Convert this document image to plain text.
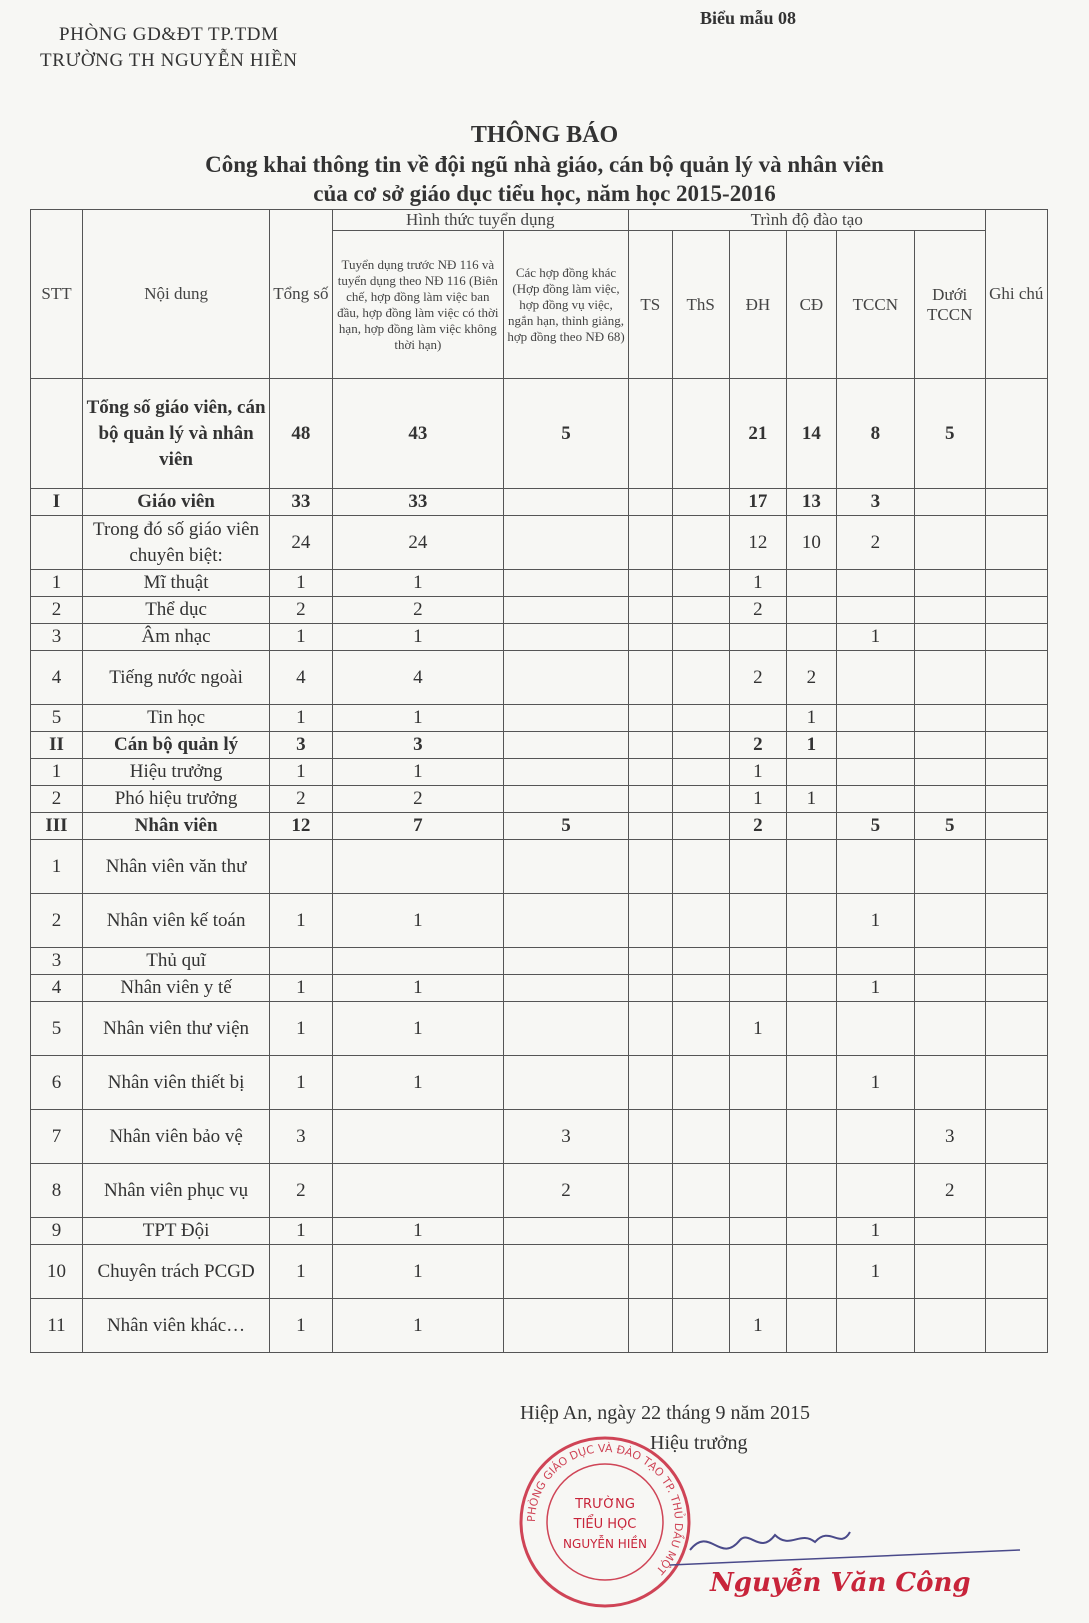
PHÒNG GD&ĐT TP.TDM
TRƯỜNG TH NGUYỄN HIỀN
Biểu mẫu 08
THÔNG BÁO
Công khai thông tin về đội ngũ nhà giáo, cán bộ quản lý và nhân viên
của cơ sở giáo dục tiểu học, năm học 2015-2016
STT	Nội dung	Tổng số	Hình thức tuyển dụng		Trình độ đào tạo						Ghi chú
			Tuyển dụng trước NĐ 116 và tuyển dụng theo NĐ 116 (Biên chế, hợp đồng làm việc ban đầu, hợp đồng làm việc có thời hạn, hợp đồng làm việc không thời hạn)	Các hợp đồng khác (Hợp đồng làm việc, hợp đồng vụ việc, ngắn hạn, thỉnh giảng, hợp đồng theo NĐ 68)	TS	ThS	ĐH	CĐ	TCCN	Dưới TCCN	
	Tổng số giáo viên, cán bộ quản lý và nhân viên	48	43	5			21	14	8	5	
I	Giáo viên	33	33				17	13	3		
	Trong đó số giáo viên chuyên biệt:	24	24				12	10	2		
1	Mĩ thuật	1	1				1				
2	Thể dục	2	2				2				
3	Âm nhạc	1	1						1		
4	Tiếng nước ngoài	4	4				2	2			
5	Tin học	1	1					1			
II	Cán bộ quản lý	3	3				2	1			
1	Hiệu trưởng	1	1				1				
2	Phó hiệu trưởng	2	2				1	1			
III	Nhân viên	12	7	5			2		5	5	
1	Nhân viên văn thư										
2	Nhân viên kế toán	1	1						1		
3	Thủ quĩ										
4	Nhân viên y tế	1	1						1		
5	Nhân viên thư viện	1	1				1				
6	Nhân viên thiết bị	1	1						1		
7	Nhân viên bảo vệ	3		3						3	
8	Nhân viên phục vụ	2		2						2	
9	TPT Đội	1	1						1		
10	Chuyên trách PCGD	1	1						1		
11	Nhân viên khác…	1	1				1				
Hiệp An, ngày 22 tháng 9 năm 2015
Hiệu trưởng
PHÒNG GIÁO DỤC VÀ ĐÀO TẠO TP. THỦ DẦU MỘT
TRƯỜNG
TIỂU HỌC
NGUYỄN HIỀN
Nguyễn Văn Công
